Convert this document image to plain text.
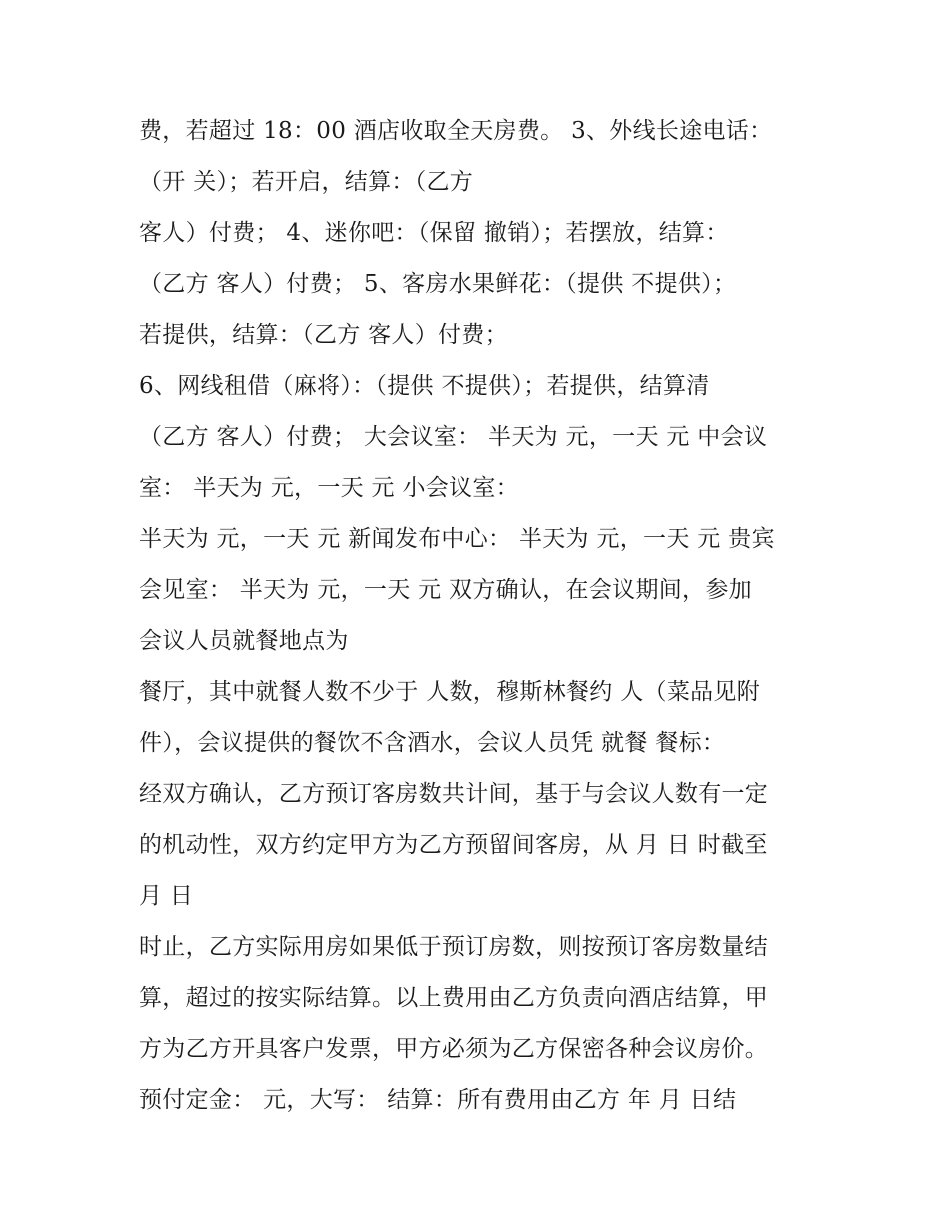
费，若超过 18：00 酒店收取全天房费。 3、外线长途电话：
（开 关）；若开启，结算：（乙方
客人）付费； 4、迷你吧：（保留 撤销）；若摆放，结算：
（乙方 客人）付费； 5、客房水果鲜花：（提供 不提供）；
若提供，结算：（乙方 客人）付费；
6、网线租借（麻将）：（提供 不提供）；若提供，结算清
（乙方 客人）付费； 大会议室： 半天为 元，一天 元 中会议
室： 半天为 元，一天 元 小会议室：
半天为 元，一天 元 新闻发布中心： 半天为 元，一天 元 贵宾
会见室： 半天为 元，一天 元 双方确认，在会议期间，参加
会议人员就餐地点为
餐厅，其中就餐人数不少于 人数，穆斯林餐约 人（菜品见附
件），会议提供的餐饮不含酒水，会议人员凭 就餐 餐标：
经双方确认，乙方预订客房数共计间，基于与会议人数有一定
的机动性，双方约定甲方为乙方预留间客房，从 月 日 时截至
月 日
时止，乙方实际用房如果低于预订房数，则按预订客房数量结
算，超过的按实际结算。以上费用由乙方负责向酒店结算，甲
方为乙方开具客户发票，甲方必须为乙方保密各种会议房价。
预付定金： 元，大写： 结算：所有费用由乙方 年 月 日结
